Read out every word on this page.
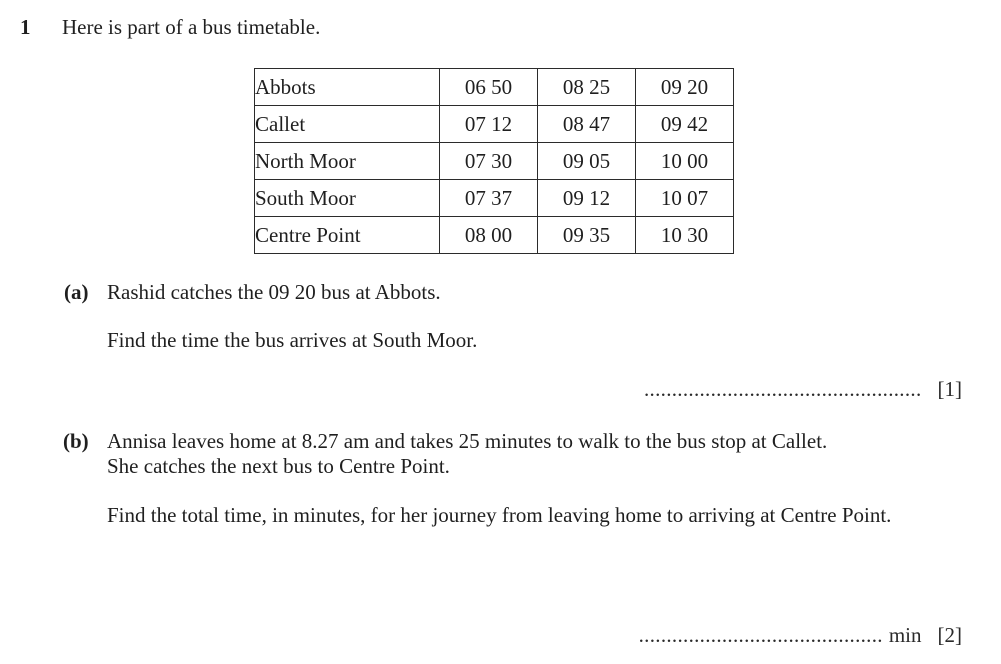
1 Here is part of a bus timetable.
Abbots	06 50	08 25	09 20
Callet	07 12	08 47	09 42
North Moor	07 30	09 05	10 00
South Moor	07 37	09 12	10 07
Centre Point	08 00	09 35	10 30
(a) Rashid catches the 09 20 bus at Abbots.
Find the time the bus arrives at South Moor.
.................................................. [1]
(b) Annisa leaves home at 8.27 am and takes 25 minutes to walk to the bus stop at Callet.
She catches the next bus to Centre Point.
Find the total time, in minutes, for her journey from leaving home to arriving at Centre Point.
............................................ min [2]
